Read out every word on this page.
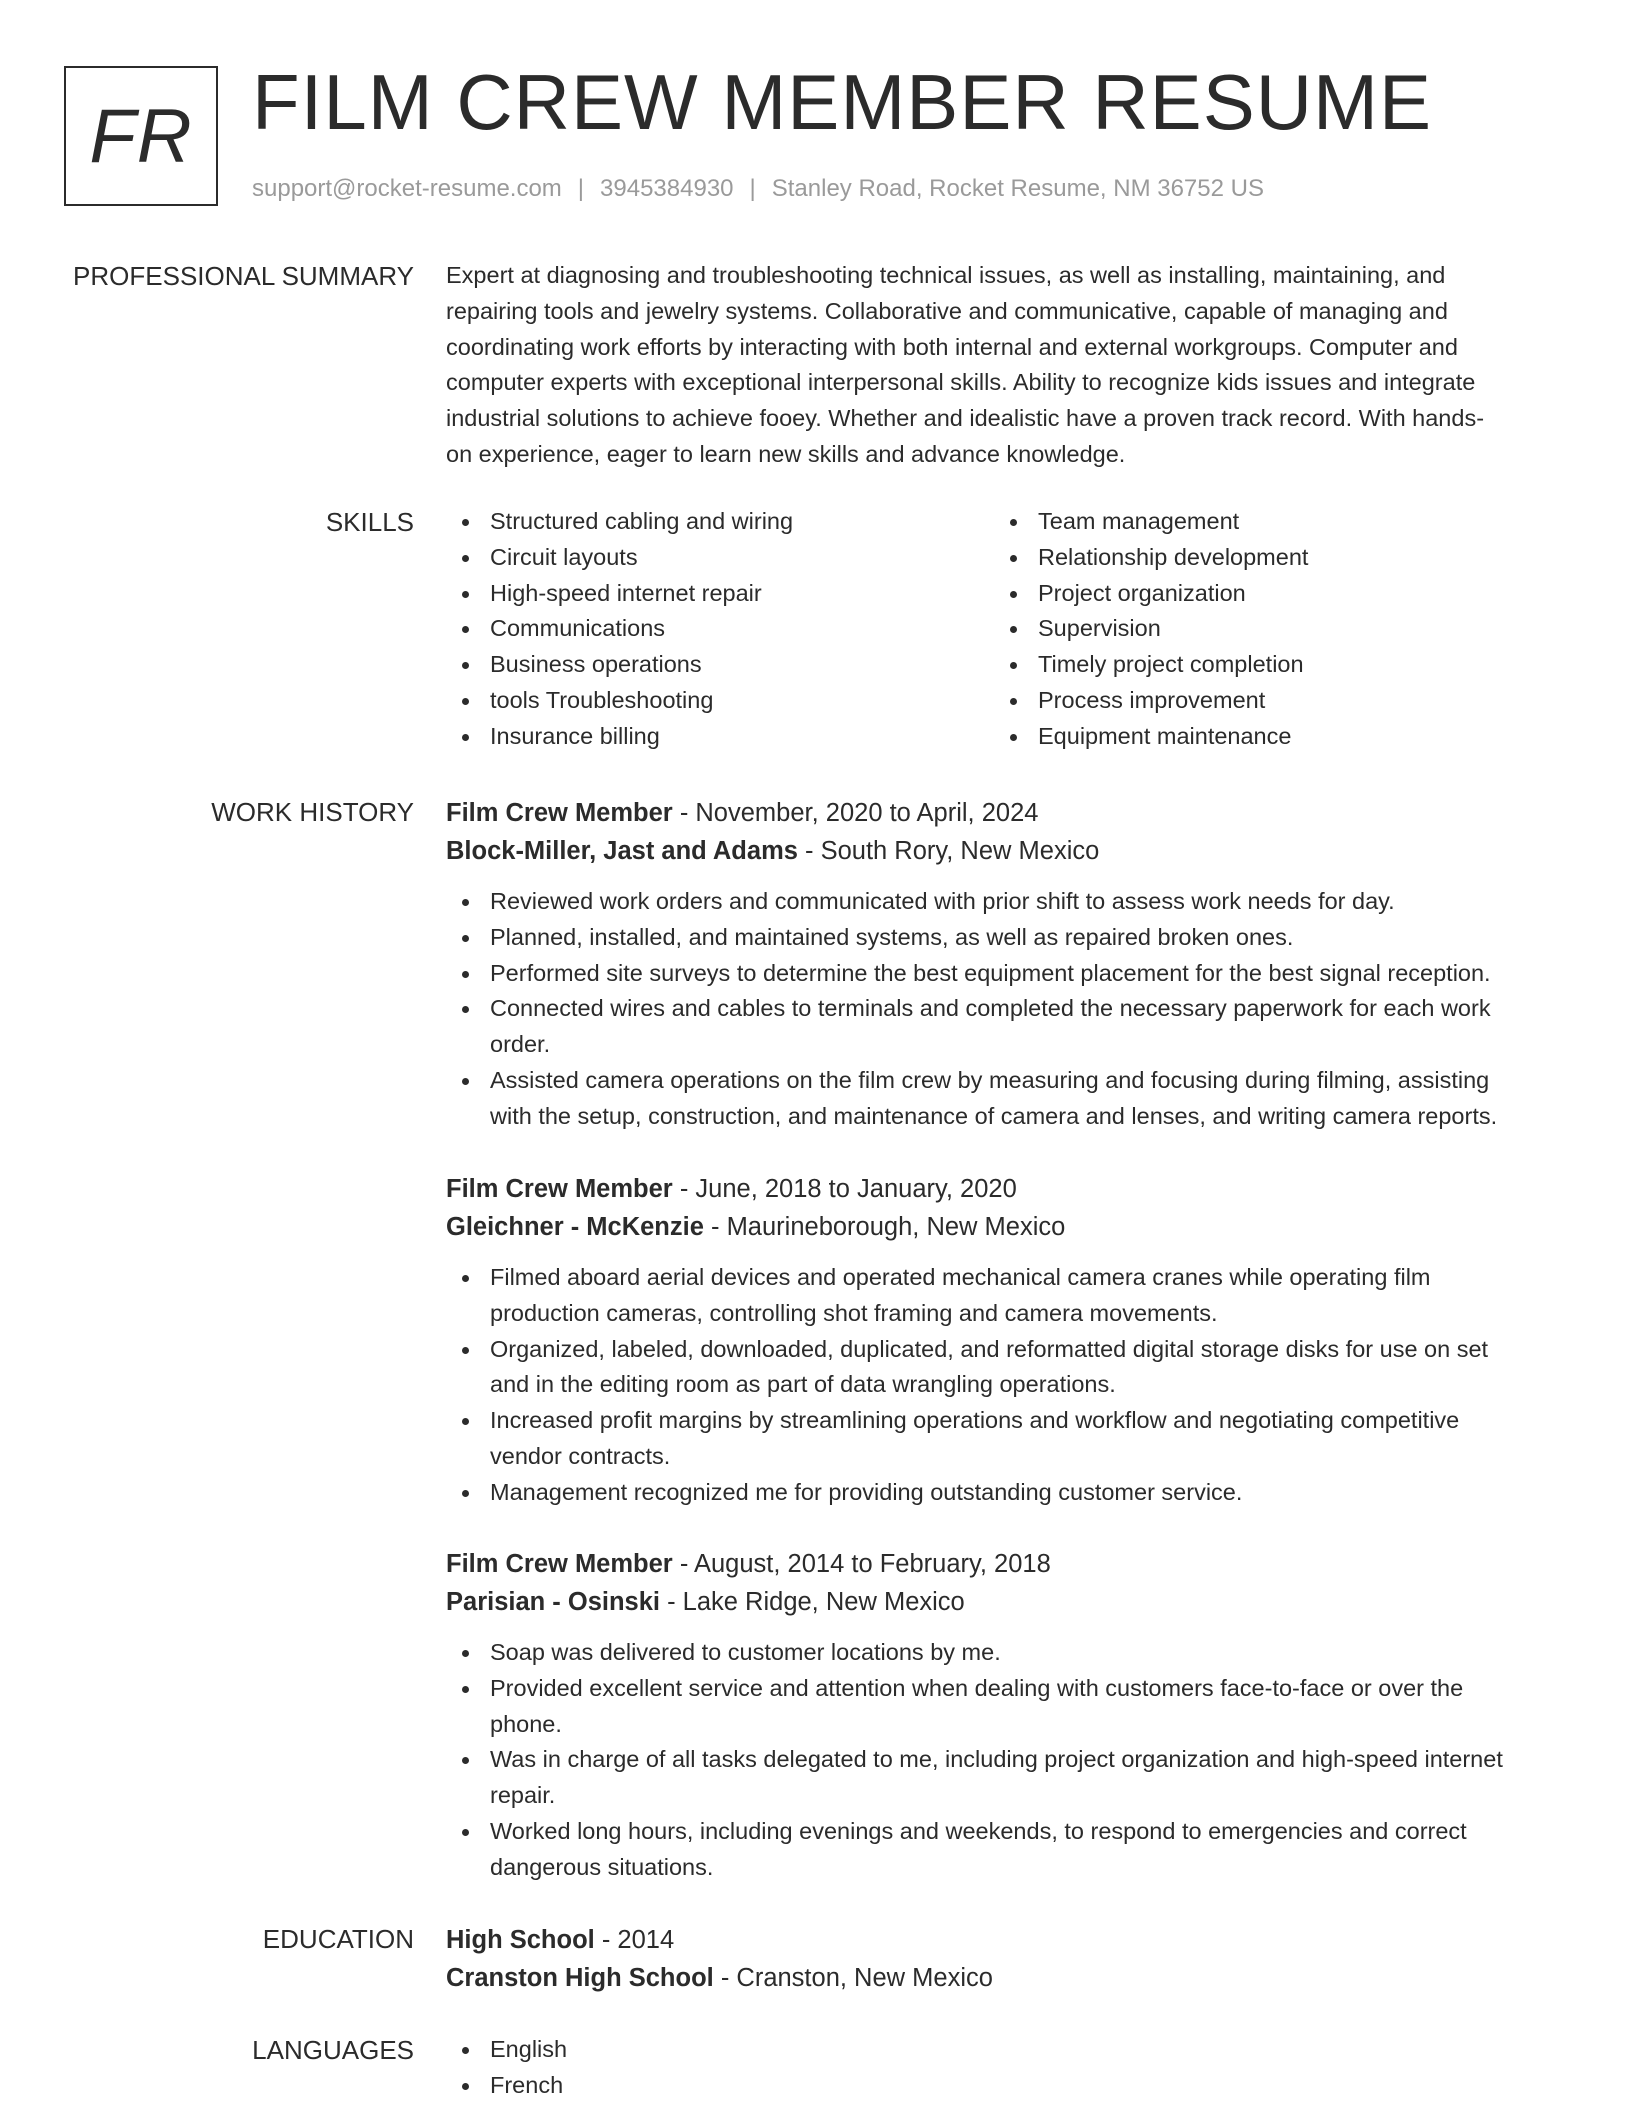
FR FILM CREW MEMBER RESUME
support@rocket-resume.com | 3945384930 | Stanley Road, Rocket Resume, NM 36752 US
PROFESSIONAL SUMMARY Expert at diagnosing and troubleshooting technical issues, as well as installing, maintaining, and
repairing tools and jewelry systems. Collaborative and communicative, capable of managing and
coordinating work efforts by interacting with both internal and external workgroups. Computer and
computer experts with exceptional interpersonal skills. Ability to recognize kids issues and integrate
industrial solutions to achieve fooey. Whether and idealistic have a proven track record. With hands-
on experience, eager to learn new skills and advance knowledge.
SKILLS	Structured cabling and wiring
Circuit layouts
High-speed internet repair
Communications
Business operations
tools Troubleshooting
Insurance billing
Team management
Relationship development
Project organization
Supervision
Timely project completion
Process improvement
Equipment maintenance
WORK HISTORY Film Crew Member - November, 2020 to April, 2024
Block-Miller, Jast and Adams - South Rory, New Mexico
Reviewed work orders and communicated with prior shift to assess work needs for day.
Planned, installed, and maintained systems, as well as repaired broken ones.
Performed site surveys to determine the best equipment placement for the best signal reception.
Connected wires and cables to terminals and completed the necessary paperwork for each work
order.
Assisted camera operations on the film crew by measuring and focusing during filming, assisting
with the setup, construction, and maintenance of camera and lenses, and writing camera reports.
Film Crew Member - June, 2018 to January, 2020
Gleichner - McKenzie - Maurineborough, New Mexico
Filmed aboard aerial devices and operated mechanical camera cranes while operating film
production cameras, controlling shot framing and camera movements.
Organized, labeled, downloaded, duplicated, and reformatted digital storage disks for use on set
and in the editing room as part of data wrangling operations.
Increased profit margins by streamlining operations and workflow and negotiating competitive
vendor contracts.
Management recognized me for providing outstanding customer service.
Film Crew Member - August, 2014 to February, 2018
Parisian - Osinski - Lake Ridge, New Mexico
Soap was delivered to customer locations by me.
Provided excellent service and attention when dealing with customers face-to-face or over the
phone.
Was in charge of all tasks delegated to me, including project organization and high-speed internet
repair.
Worked long hours, including evenings and weekends, to respond to emergencies and correct
dangerous situations.
EDUCATION High School - 2014
Cranston High School - Cranston, New Mexico
LANGUAGES	English
French
